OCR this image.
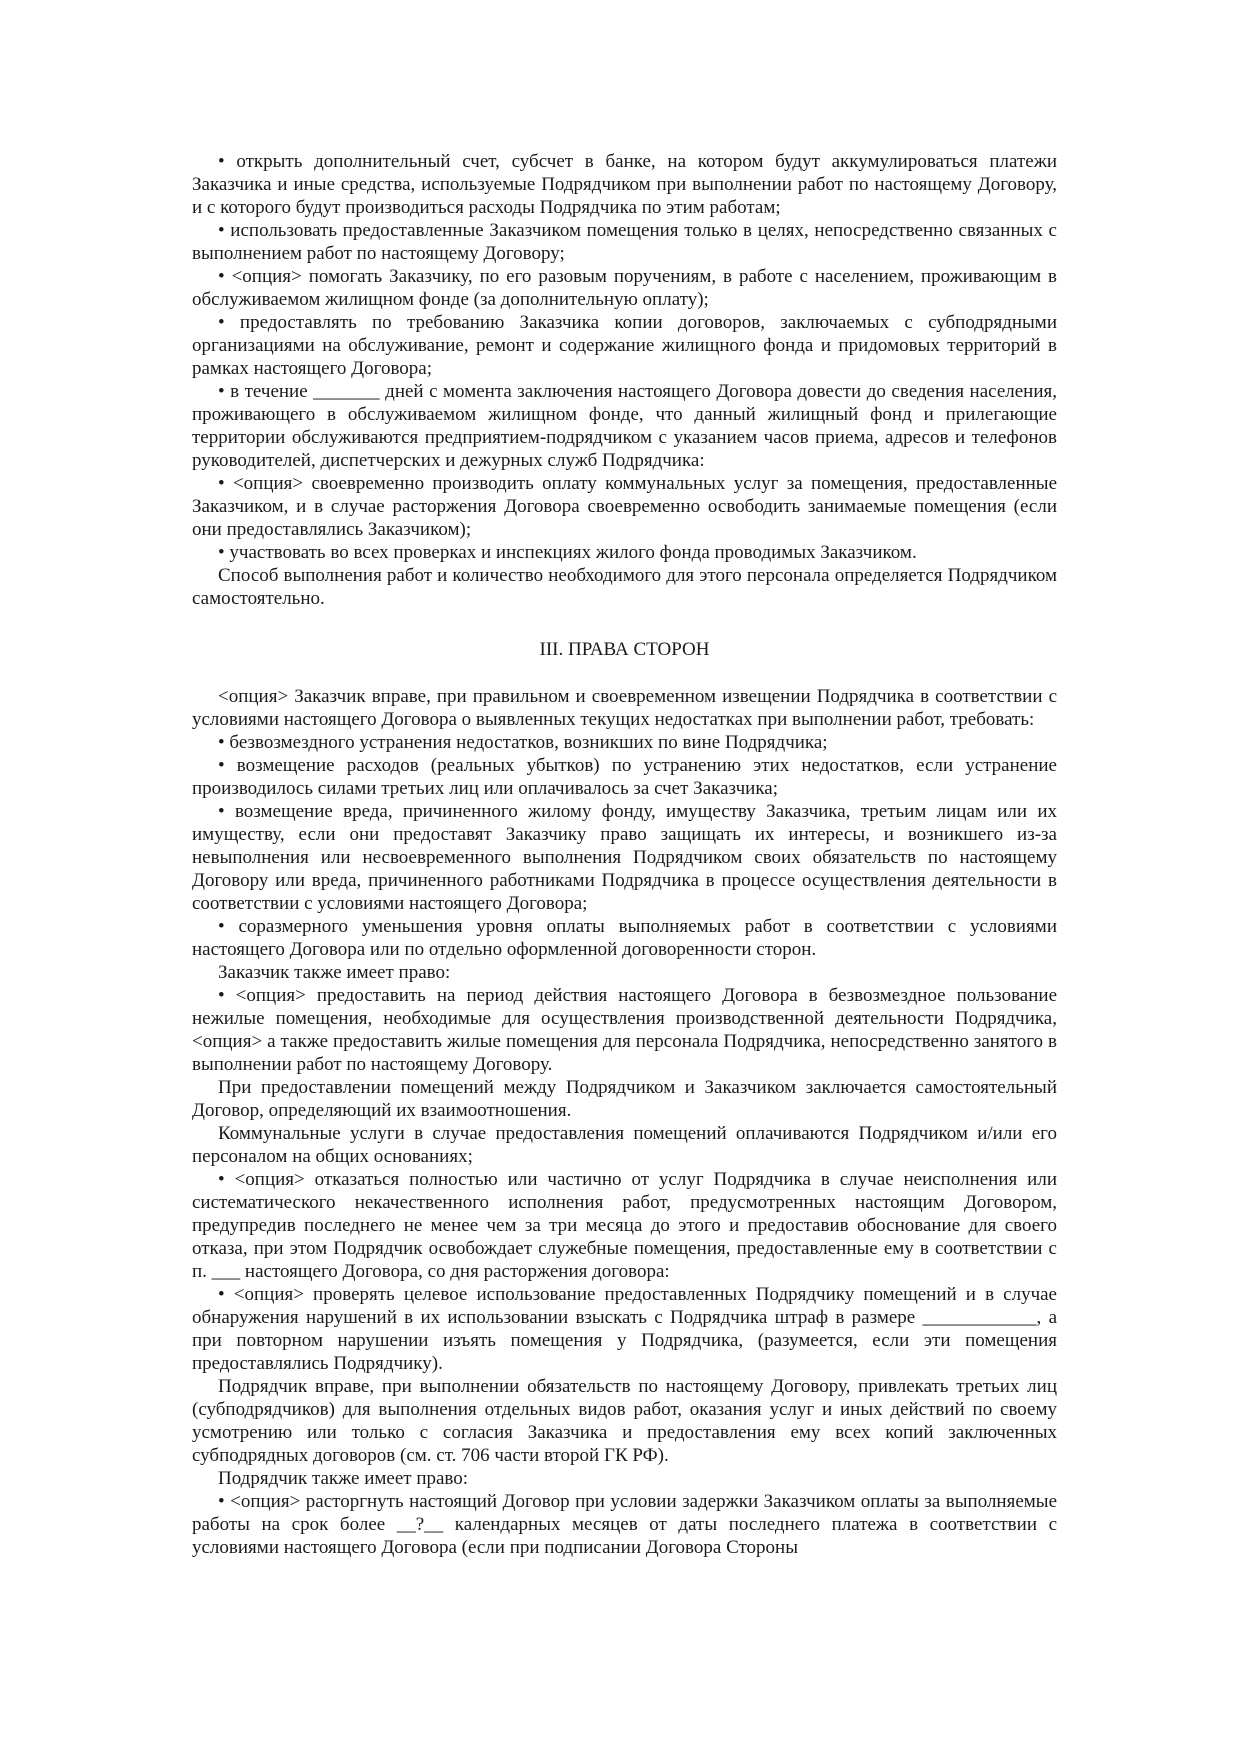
• открыть дополнительный счет, субсчет в банке, на котором будут аккумулироваться платежи Заказчика и иные средства, используемые Подрядчиком при выполнении работ по настоящему Договору, и с которого будут производиться расходы Подрядчика по этим работам;

• использовать предоставленные Заказчиком помещения только в целях, непосредственно связанных с выполнением работ по настоящему Договору;

• <опция> помогать Заказчику, по его разовым поручениям, в работе с населением, проживающим в обслуживаемом жилищном фонде (за дополнительную оплату);

• предоставлять по требованию Заказчика копии договоров, заключаемых с субподрядными организациями на обслуживание, ремонт и содержание жилищного фонда и придомовых территорий в рамках настоящего Договора;

• в течение _______ дней с момента заключения настоящего Договора довести до сведения населения, проживающего в обслуживаемом жилищном фонде, что данный жилищный фонд и прилегающие территории обслуживаются предприятием-подрядчиком с указанием часов приема, адресов и телефонов руководителей, диспетчерских и дежурных служб Подрядчика:

• <опция> своевременно производить оплату коммунальных услуг за помещения, предоставленные Заказчиком, и в случае расторжения Договора своевременно освободить занимаемые помещения (если они предоставлялись Заказчиком);

• участвовать во всех проверках и инспекциях жилого фонда проводимых Заказчиком.

Способ выполнения работ и количество необходимого для этого персонала определяется Подрядчиком самостоятельно.

III. ПРАВА СТОРОН

<опция> Заказчик вправе, при правильном и своевременном извещении Подрядчика в соответствии с условиями настоящего Договора о выявленных текущих недостатках при выполнении работ, требовать:

• безвозмездного устранения недостатков, возникших по вине Подрядчика;

• возмещение расходов (реальных убытков) по устранению этих недостатков, если устранение производилось силами третьих лиц или оплачивалось за счет Заказчика;

• возмещение вреда, причиненного жилому фонду, имуществу Заказчика, третьим лицам или их имуществу, если они предоставят Заказчику право защищать их интересы, и возникшего из-за невыполнения или несвоевременного выполнения Подрядчиком своих обязательств по настоящему Договору или вреда, причиненного работниками Подрядчика в процессе осуществления деятельности в соответствии с условиями настоящего Договора;

• соразмерного уменьшения уровня оплаты выполняемых работ в соответствии с условиями настоящего Договора или по отдельно оформленной договоренности сторон.

Заказчик также имеет право:

• <опция> предоставить на период действия настоящего Договора в безвозмездное пользование нежилые помещения, необходимые для осуществления производственной деятельности Подрядчика, <опция> а также предоставить жилые помещения для персонала Подрядчика, непосредственно занятого в выполнении работ по настоящему Договору.

При предоставлении помещений между Подрядчиком и Заказчиком заключается самостоятельный Договор, определяющий их взаимоотношения.

Коммунальные услуги в случае предоставления помещений оплачиваются Подрядчиком и/или его персоналом на общих основаниях;

• <опция> отказаться полностью или частично от услуг Подрядчика в случае неисполнения или систематического некачественного исполнения работ, предусмотренных настоящим Договором, предупредив последнего не менее чем за три месяца до этого и предоставив обоснование для своего отказа, при этом Подрядчик освобождает служебные помещения, предоставленные ему в соответствии с п. ___ настоящего Договора, со дня расторжения договора:

• <опция> проверять целевое использование предоставленных Подрядчику помещений и в случае обнаружения нарушений в их использовании взыскать с Подрядчика штраф в размере ____________, а при повторном нарушении изъять помещения у Подрядчика, (разумеется, если эти помещения предоставлялись Подрядчику).

Подрядчик вправе, при выполнении обязательств по настоящему Договору, привлекать третьих лиц (субподрядчиков) для выполнения отдельных видов работ, оказания услуг и иных действий по своему усмотрению или только с согласия Заказчика и предоставления ему всех копий заключенных субподрядных договоров (см. ст. 706 части второй ГК РФ).

Подрядчик также имеет право:

• <опция> расторгнуть настоящий Договор при условии задержки Заказчиком оплаты за выполняемые работы на срок более __?__ календарных месяцев от даты последнего платежа в соответствии с условиями настоящего Договора (если при подписании Договора Стороны
